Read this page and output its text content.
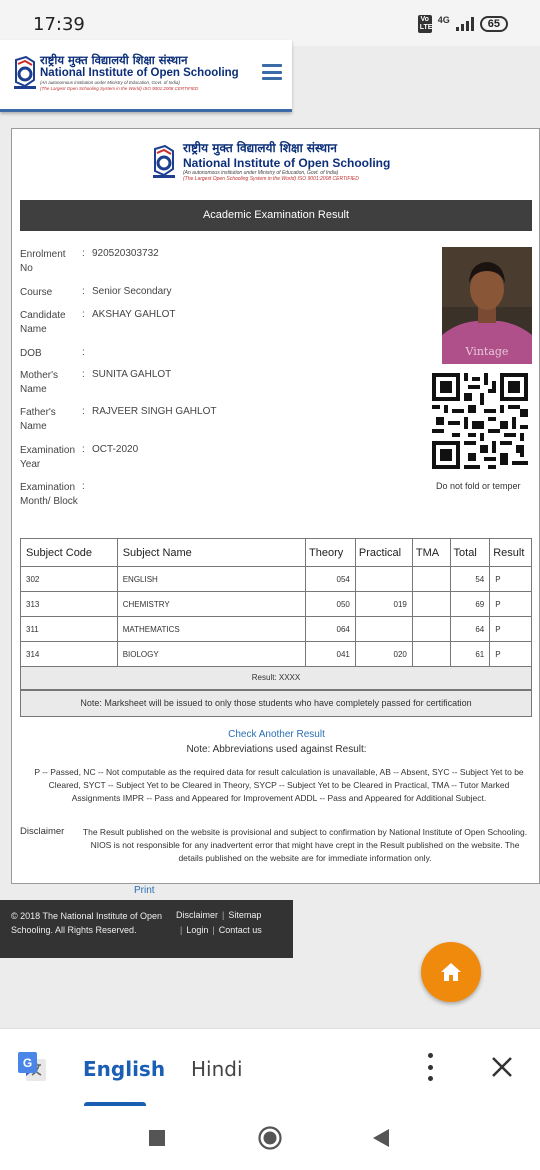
17:39	Vo LTE
4G	65
राष्ट्रीय मुक्त विद्यालयी शिक्षा संस्थान
National Institute of Open Schooling
(An autonomous institution under Ministry of Education, Govt. of India)
(The Largest Open Schooling System in the World) ISO 9001:2008 CERTIFIED
राष्ट्रीय मुक्त विद्यालयी शिक्षा संस्थान
National Institute of Open Schooling
(An autonomous institution under Ministry of Education, Govt. of India)
(The Largest Open Schooling System in the World) ISO 9001:2008 CERTIFIED
Academic Examination Result
Enrolment No
: 920520303732
Course	: Senior Secondary
Candidate Name
: AKSHAY GAHLOT
DOB	:
Mother's Name
: SUNITA GAHLOT
Father's Name
: RAJVEER SINGH GAHLOT
Examination Year
: OCT-2020
Examination Month/ Block
:
Vintage
Do not fold or temper
Subject Code	Subject Name	Theory	Practical	TMA	Total	Result
302	ENGLISH	054			54	P
313	CHEMISTRY	050	019		69	P
311	MATHEMATICS	064			64	P
314	BIOLOGY	041	020		61	P
Result: XXXX
Note: Marksheet will be issued to only those students who have completely passed for certification
Check Another Result
Note: Abbreviations used against Result:
P -- Passed, NC -- Not computable as the required data for result calculation is unavailable, AB -- Absent, SYC -- Subject Yet to be Cleared, SYCT -- Subject Yet to be Cleared in Theory, SYCP -- Subject Yet to be Cleared in Practical, TMA -- Tutor Marked Assignments IMPR -- Pass and Appeared for Improvement ADDL -- Pass and Appeared for Additional Subject.
Disclaimer	The Result published on the website is provisional and subject to confirmation by National Institute of Open Schooling. NIOS is not responsible for any inadvertent error that might have crept in the Result published on the website. The details published on the website are for immediate information only.
Print
© 2018 The National Institute of Open Schooling. All Rights Reserved.
Disclaimer | Sitemap
| Login | Contact us
G	English Hindi
